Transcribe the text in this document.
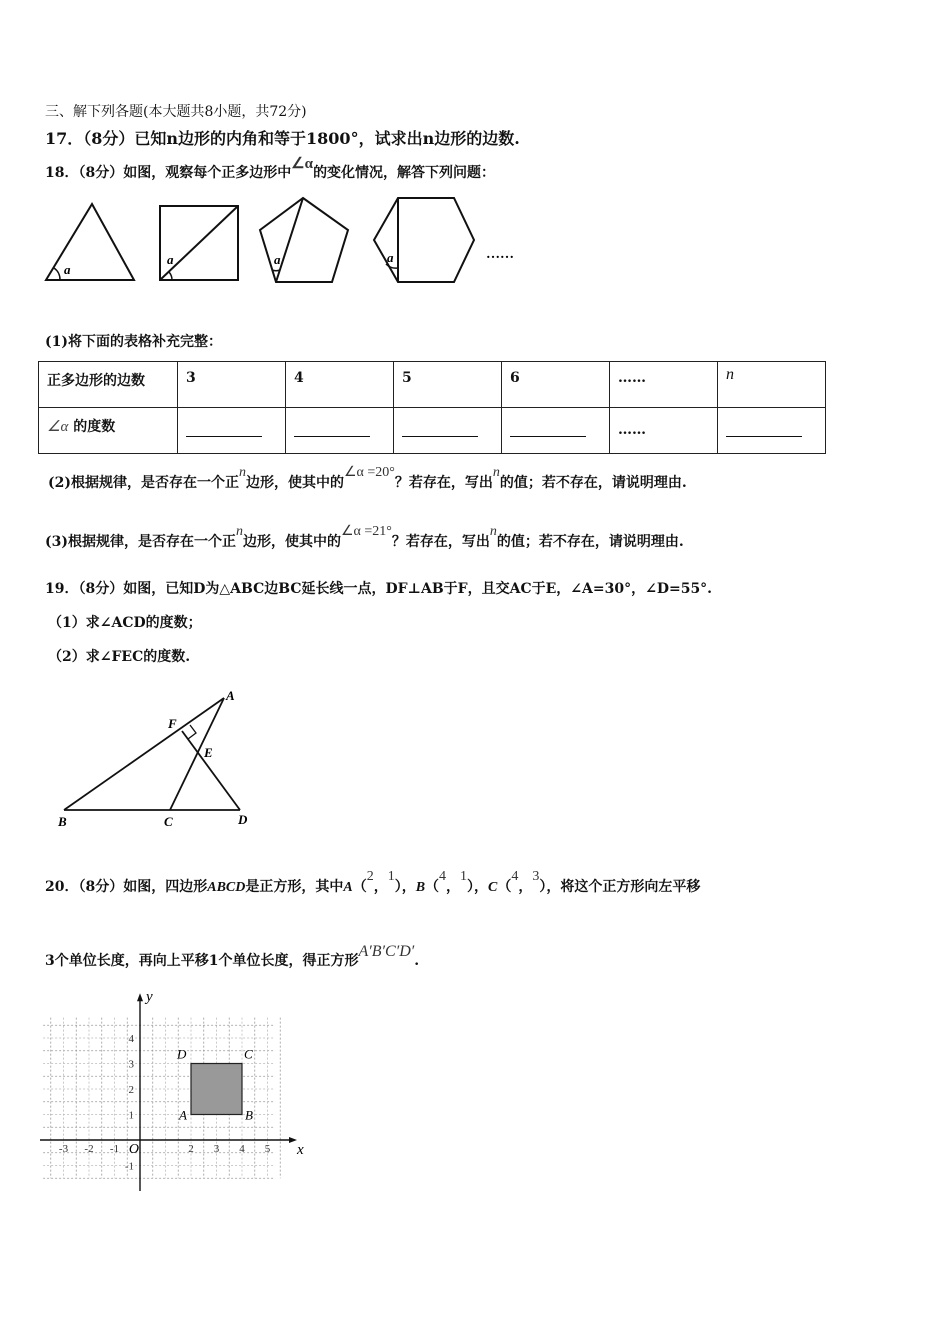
三、解下列各题(本大题共8小题，共72分)
17．（8分）已知n边形的内角和等于1800°，试求出n边形的边数.
18．（8分）如图，观察每个正多边形中∠α的变化情况，解答下列问题：
a
a	a	a	……
(1)将下面的表格补充完整：
正多边形的边数	3	4	5	6	……	n
∠α 的度数					……	
(2)根据规律，是否存在一个正n边形，使其中的∠α =20°？若存在，写出n的值；若不存在，请说明理由.
(3)根据规律，是否存在一个正n边形，使其中的∠α =21°？若存在，写出n的值；若不存在，请说明理由.
19．（8分）如图，已知D为△ABC边BC延长线一点，DF⊥AB于F，且交AC于E，∠A=30°，∠D=55°.
（1）求∠ACD的度数；
（2）求∠FEC的度数.
A
B	C	D
E
F
20．（8分）如图，四边形ABCD是正方形，其中A（2，1），B（4，1），C（4，3），将这个正方形向左平移
3个单位长度，再向上平移1个单位长度，得正方形A′B′C′D′.
x
y
O
-3 -2 -1	2 3 4 5
4
3
2
1
-1
A	B
C
D
